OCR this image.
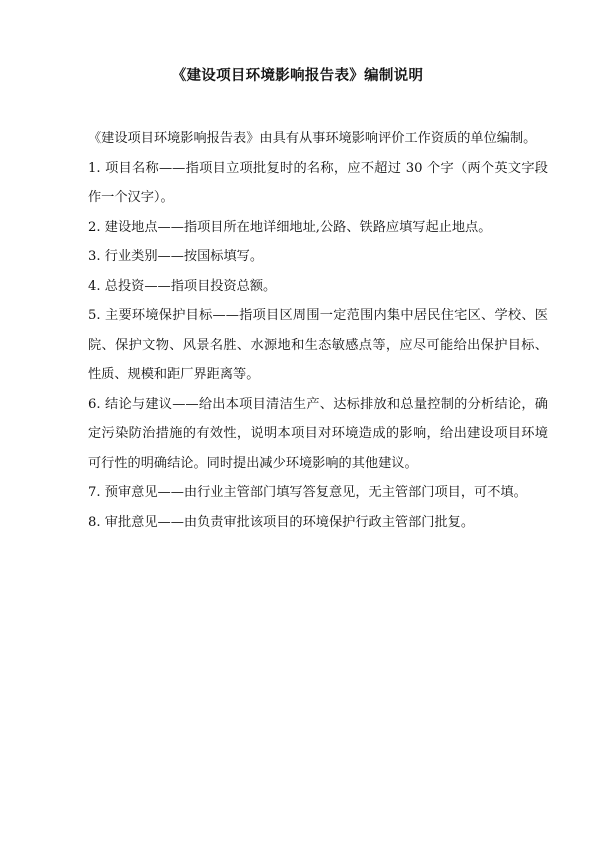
《建设项目环境影响报告表》编制说明

《建设项目环境影响报告表》由具有从事环境影响评价工作资质的单位编制。

1. 项目名称——指项目立项批复时的名称，应不超过 30 个字（两个英文字段作一个汉字）。

2. 建设地点——指项目所在地详细地址,公路、铁路应填写起止地点。

3. 行业类别——按国标填写。

4. 总投资——指项目投资总额。

5. 主要环境保护目标——指项目区周围一定范围内集中居民住宅区、学校、医院、保护文物、风景名胜、水源地和生态敏感点等，应尽可能给出保护目标、性质、规模和距厂界距离等。

6. 结论与建议——给出本项目清洁生产、达标排放和总量控制的分析结论，确定污染防治措施的有效性，说明本项目对环境造成的影响，给出建设项目环境可行性的明确结论。同时提出减少环境影响的其他建议。

7. 预审意见——由行业主管部门填写答复意见，无主管部门项目，可不填。

8. 审批意见——由负责审批该项目的环境保护行政主管部门批复。
